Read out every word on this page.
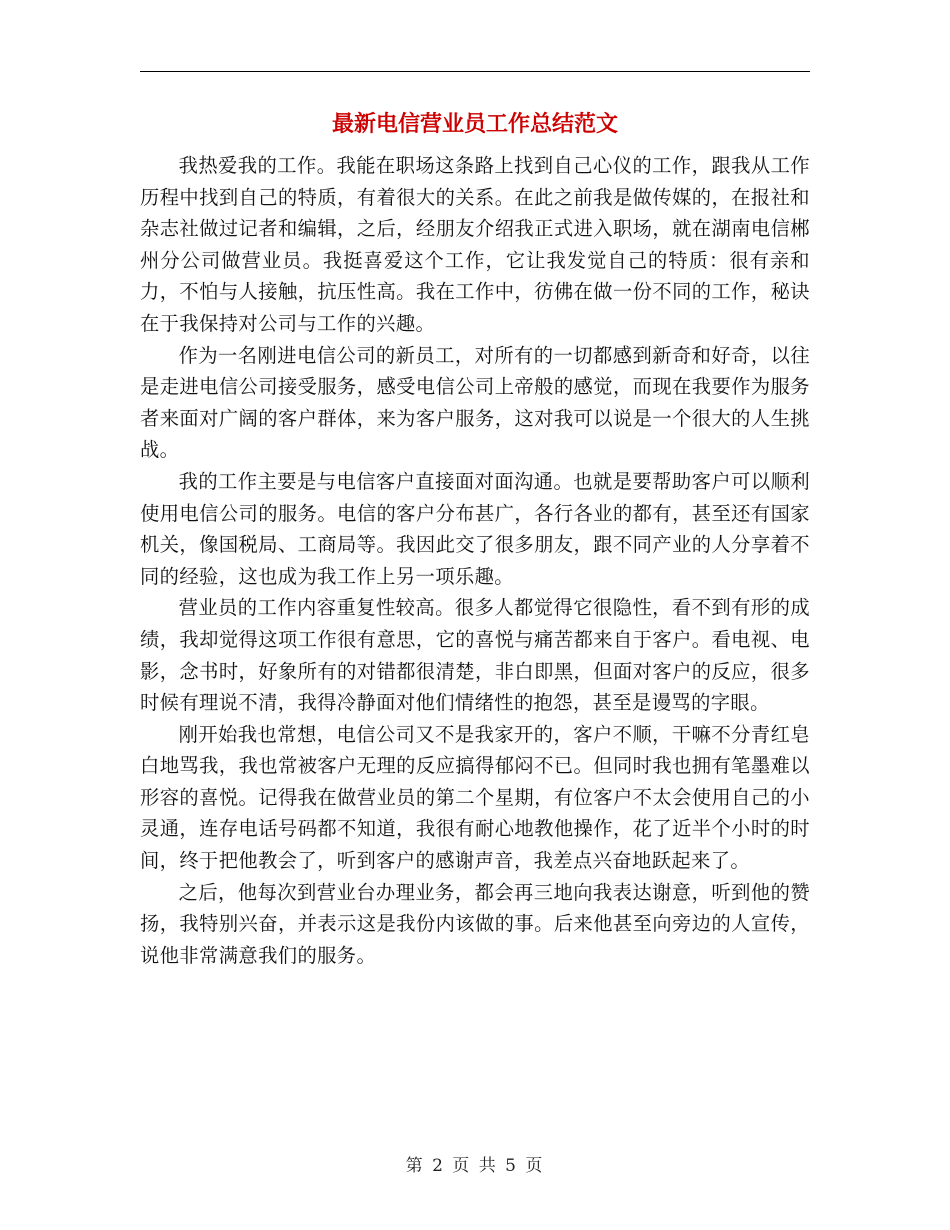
最新电信营业员工作总结范文

我热爱我的工作。我能在职场这条路上找到自己心仪的工作，跟我从工作历程中找到自己的特质，有着很大的关系。在此之前我是做传媒的，在报社和杂志社做过记者和编辑，之后，经朋友介绍我正式进入职场，就在湖南电信郴州分公司做营业员。我挺喜爱这个工作，它让我发觉自己的特质：很有亲和力，不怕与人接触，抗压性高。我在工作中，彷佛在做一份不同的工作，秘诀在于我保持对公司与工作的兴趣。

作为一名刚进电信公司的新员工，对所有的一切都感到新奇和好奇，以往是走进电信公司接受服务，感受电信公司上帝般的感觉，而现在我要作为服务者来面对广阔的客户群体，来为客户服务，这对我可以说是一个很大的人生挑战。

我的工作主要是与电信客户直接面对面沟通。也就是要帮助客户可以顺利使用电信公司的服务。电信的客户分布甚广，各行各业的都有，甚至还有国家机关，像国税局、工商局等。我因此交了很多朋友，跟不同产业的人分享着不同的经验，这也成为我工作上另一项乐趣。

营业员的工作内容重复性较高。很多人都觉得它很隐性，看不到有形的成绩，我却觉得这项工作很有意思，它的喜悦与痛苦都来自于客户。看电视、电影，念书时，好象所有的对错都很清楚，非白即黑，但面对客户的反应，很多时候有理说不清，我得冷静面对他们情绪性的抱怨，甚至是谩骂的字眼。

刚开始我也常想，电信公司又不是我家开的，客户不顺，干嘛不分青红皂白地骂我，我也常被客户无理的反应搞得郁闷不已。但同时我也拥有笔墨难以形容的喜悦。记得我在做营业员的第二个星期，有位客户不太会使用自己的小灵通，连存电话号码都不知道，我很有耐心地教他操作，花了近半个小时的时间，终于把他教会了，听到客户的感谢声音，我差点兴奋地跃起来了。

之后，他每次到营业台办理业务，都会再三地向我表达谢意，听到他的赞扬，我特别兴奋，并表示这是我份内该做的事。后来他甚至向旁边的人宣传，说他非常满意我们的服务。

第 2 页 共 5 页
